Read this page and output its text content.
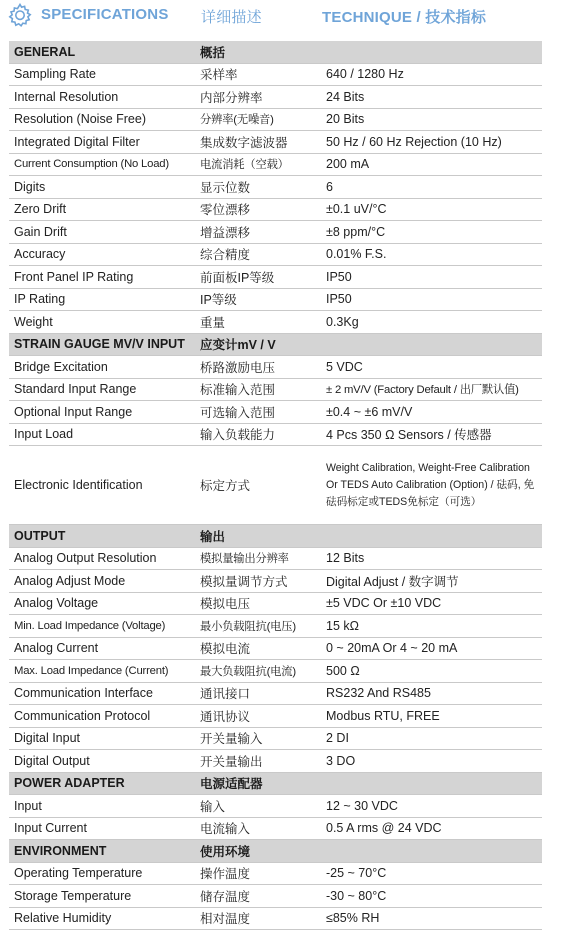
SPECIFICATIONS 详细描述	TECHNIQUE / 技术指标
GENERAL	概括	
Sampling Rate	采样率	640 / 1280 Hz
Internal Resolution	内部分辨率	24 Bits
Resolution (Noise Free)	分辨率(无噪音)	20 Bits
Integrated Digital Filter	集成数字滤波器	50 Hz / 60 Hz Rejection (10 Hz)
Current Consumption (No Load)	电流消耗（空载）	200 mA
Digits	显示位数	6
Zero Drift	零位漂移	±0.1 uV/°C
Gain Drift	增益漂移	±8 ppm/°C
Accuracy	综合精度	0.01% F.S.
Front Panel IP Rating	前面板IP等级	IP50
IP Rating	IP等级	IP50
Weight	重量	0.3Kg
STRAIN GAUGE MV/V INPUT	应变计mV / V	
Bridge Excitation	桥路激励电压	5 VDC
Standard Input Range	标准输入范围	± 2 mV/V (Factory Default / 出厂默认值)
Optional Input Range	可选输入范围	±0.4 ~ ±6 mV/V
Input Load	输入负载能力	4 Pcs 350 Ω Sensors / 传感器
Electronic Identification	标定方式	Weight Calibration, Weight-Free Calibration Or TEDS Auto Calibration (Option) / 砝码, 免砝码标定或TEDS免标定（可选）
OUTPUT	输出	
Analog Output Resolution	模拟量输出分辨率	12 Bits
Analog Adjust Mode	模拟量调节方式	Digital Adjust / 数字调节
Analog Voltage	模拟电压	±5 VDC Or ±10 VDC
Min. Load Impedance (Voltage)	最小负载阻抗(电压)	15 kΩ
Analog Current	模拟电流	0 ~ 20mA Or 4 ~ 20 mA
Max. Load Impedance (Current)	最大负载阻抗(电流)	500 Ω
Communication Interface	通讯接口	RS232 And RS485
Communication Protocol	通讯协议	Modbus RTU, FREE
Digital Input	开关量输入	2 DI
Digital Output	开关量输出	3 DO
POWER ADAPTER	电源适配器	
Input	输入	12 ~ 30 VDC
Input Current	电流输入	0.5 A rms @ 24 VDC
ENVIRONMENT	使用环境	
Operating Temperature	操作温度	-25 ~ 70°C
Storage Temperature	储存温度	-30 ~ 80°C
Relative Humidity	相对温度	≤85% RH
